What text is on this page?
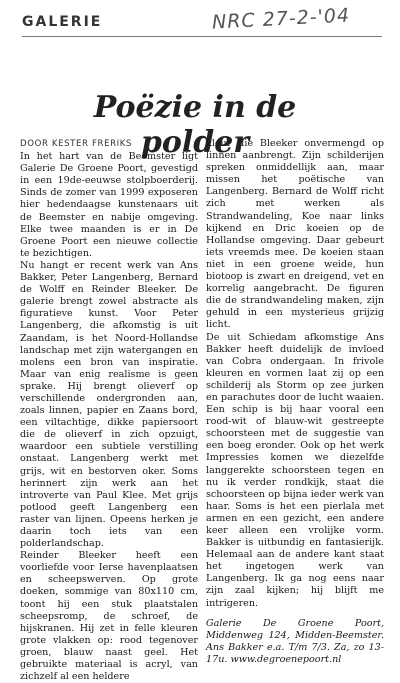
GALERIE	NRC 27-2-'04
Poëzie in de polder
DOOR KESTER FRERIKS

In het hart van de Beemster ligt Galerie De Groene Poort, gevestigd in een 19de-eeuwse stolpboerderij. Sinds de zomer van 1999 exposeren hier hedendaagse kunstenaars uit de Beemster en nabije omgeving. Elke twee maanden is er in De Groene Poort een nieuwe collectie te bezichtigen.

Nu hangt er recent werk van Ans Bakker, Peter Langenberg, Bernard de Wolff en Reinder Bleeker. De galerie brengt zowel abstracte als figuratieve kunst. Voor Peter Langenberg, die afkomstig is uit Zaandam, is het Noord-Hollandse landschap met zijn watergangen en molens een bron van inspiratie. Maar van enig realisme is geen sprake. Hij brengt olieverf op verschillende ondergronden aan, zoals linnen, papier en Zaans bord, een viltachtige, dikke papiersoort die de olieverf in zich opzuigt, waardoor een subtiele verstilling onstaat. Langenberg werkt met grijs, wit en bestorven oker. Soms herinnert zijn werk aan het introverte van Paul Klee. Met grijs potlood geeft Langenberg een raster van lijnen. Opeens herken je daarin toch iets van een polderlandschap.

Reinder Bleeker heeft een voorliefde voor Ierse havenplaatsen en scheepswerven. Op grote doeken, sommige van 80x110 cm, toont hij een stuk plaatstalen scheepsromp, de schroef, de hijskranen. Hij zet in felle kleuren grote vlakken op: rood tegenover groen, blauw naast geel. Het gebruikte materiaal is acryl, van zichzelf al een heldere

kleur die Bleeker onvermengd op linnen aanbrengt. Zijn schilderijen spreken onmiddellijk aan, maar missen het poëtische van Langenberg. Bernard de Wolff richt zich met werken als Strandwandeling, Koe naar links kijkend en Dric koeien op de Hollandse omgeving. Daar gebeurt iets vreemds mee. De koeien staan niet in een groene weide, hun biotoop is zwart en dreigend, vet en korrelig aangebracht. De figuren die de strandwandeling maken, zijn gehuld in een mysterieus grijzig licht.

De uit Schiedam afkomstige Ans Bakker heeft duidelijk de invloed van Cobra ondergaan. In frivole kleuren en vormen laat zij op een schilderij als Storm op zee jurken en parachutes door de lucht waaien. Een schip is bij haar vooral een rood-wit of blauw-wit gestreepte schoorsteen met de suggestie van een boeg eronder. Ook op het werk Impressies komen we diezelfde langgerekte schoorsteen tegen en nu ik verder rondkijk, staat die schoorsteen op bijna ieder werk van haar. Soms is het een pierlala met armen en een gezicht, een andere keer alleen een vrolijke vorm. Bakker is uitbundig en fantasierijk. Helemaal aan de andere kant staat het ingetogen werk van Langenberg. Ik ga nog eens naar zijn zaal kijken; hij blijft me intrigeren.

Galerie De Groene Poort, Middenweg 124, Midden-Beemster. Ans Bakker e.a. T/m 7/3. Za, zo 13-17u. www.degroenepoort.nl
